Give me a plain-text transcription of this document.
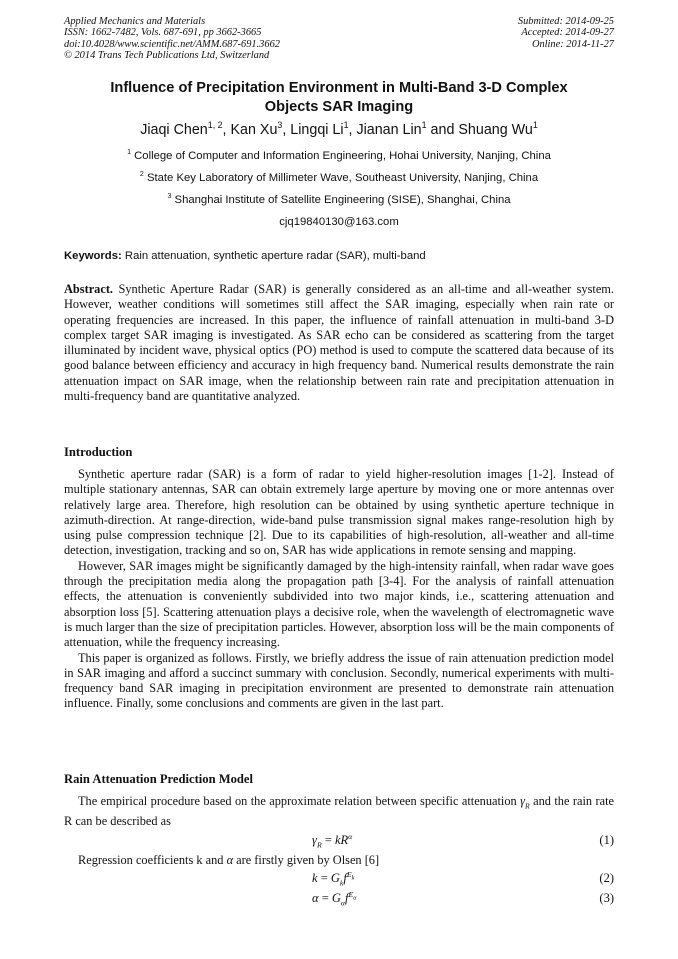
Applied Mechanics and Materials
ISSN: 1662-7482, Vols. 687-691, pp 3662-3665
doi:10.4028/www.scientific.net/AMM.687-691.3662
© 2014 Trans Tech Publications Ltd, Switzerland
Submitted: 2014-09-25
Accepted: 2014-09-27
Online: 2014-11-27
Influence of Precipitation Environment in Multi-Band 3-D Complex
Objects SAR Imaging
Jiaqi Chen$^{1, 2}$, Kan Xu$^3$, Lingqi Li$^1$, Jianan Lin$^1$ and Shuang Wu$^1$
$^1$ College of Computer and Information Engineering, Hohai University, Nanjing, China
$^2$ State Key Laboratory of Millimeter Wave, Southeast University, Nanjing, China
$^3$ Shanghai Institute of Satellite Engineering (SISE), Shanghai, China
cjq19840130@163.com
Keywords: Rain attenuation, synthetic aperture radar (SAR), multi-band

Abstract. Synthetic Aperture Radar (SAR) is generally considered as an all-time and all-weather system. However, weather conditions will sometimes still affect the SAR imaging, especially when rain rate or operating frequencies are increased. In this paper, the influence of rainfall attenuation in multi-band 3-D complex target SAR imaging is investigated. As SAR echo can be considered as scattering from the target illuminated by incident wave, physical optics (PO) method is used to compute the scattered data because of its good balance between efficiency and accuracy in high frequency band. Numerical results demonstrate the rain attenuation impact on SAR image, when the relationship between rain rate and precipitation attenuation in multi-frequency band are quantitative analyzed.

Introduction

Synthetic aperture radar (SAR) is a form of radar to yield higher-resolution images [1-2]. Instead of multiple stationary antennas, SAR can obtain extremely large aperture by moving one or more antennas over relatively large area. Therefore, high resolution can be obtained by using synthetic aperture technique in azimuth-direction. At range-direction, wide-band pulse transmission signal makes range-resolution high by using pulse compression technique [2]. Due to its capabilities of high-resolution, all-weather and all-time detection, investigation, tracking and so on, SAR has wide applications in remote sensing and mapping.

However, SAR images might be significantly damaged by the high-intensity rainfall, when radar wave goes through the precipitation media along the propagation path [3-4]. For the analysis of rainfall attenuation effects, the attenuation is conveniently subdivided into two major kinds, i.e., scattering attenuation and absorption loss [5]. Scattering attenuation plays a decisive role, when the wavelength of electromagnetic wave is much larger than the size of precipitation particles. However, absorption loss will be the main components of attenuation, while the frequency increasing.

This paper is organized as follows. Firstly, we briefly address the issue of rain attenuation prediction model in SAR imaging and afford a succinct summary with conclusion. Secondly, numerical experiments with multi-frequency band SAR imaging in precipitation environment are presented to demonstrate rain attenuation influence. Finally, some conclusions and comments are given in the last part.

Rain Attenuation Prediction Model

The empirical procedure based on the approximate relation between specific attenuation $\gamma_R$ and the rain rate R can be described as

$\gamma_R = kR^\alpha$	(1)

Regression coefficients k and α are firstly given by Olsen [6]

$k = G_kf^{E_k}$	(2)
$\alpha = G_\alpha f^{E_\alpha}$	(3)
